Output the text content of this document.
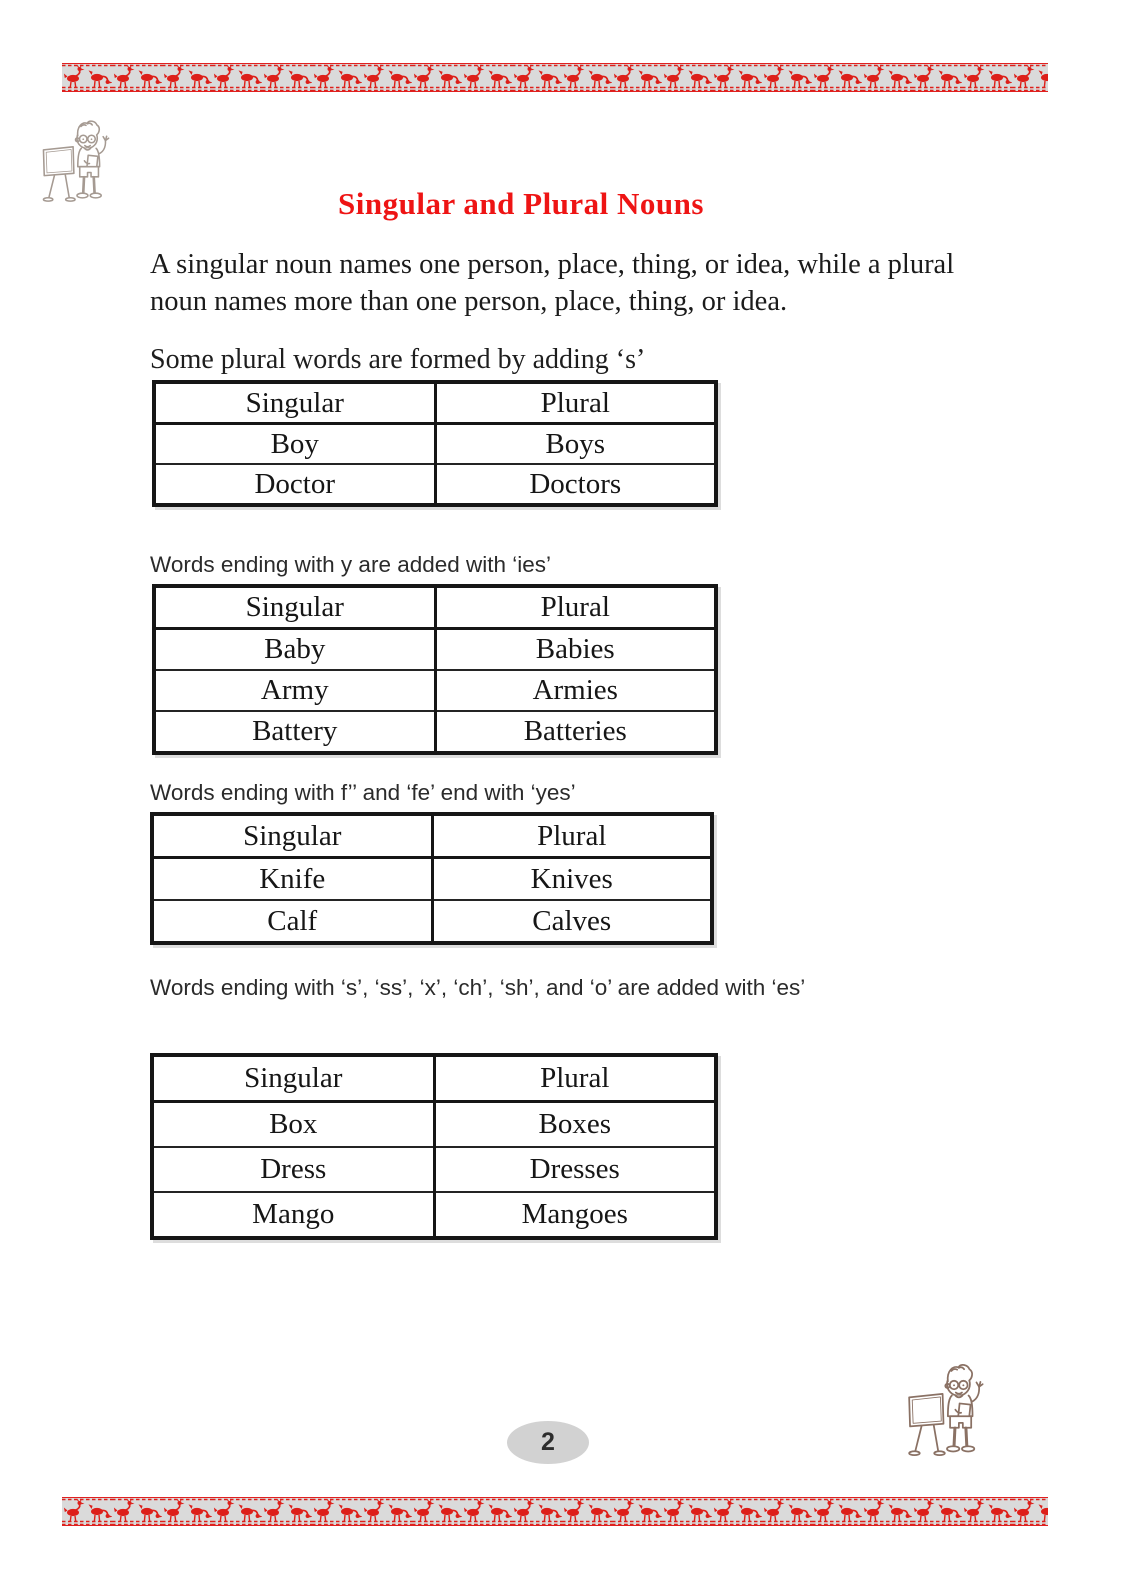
Singular and Plural Nouns
A singular noun names one person, place, thing, or idea, while a plural noun names more than one person, place, thing, or idea.
Some plural words are formed by adding ‘s’
Singular	Plural
Boy	Boys
Doctor	Doctors
Words ending with y are added with ‘ies’
Singular	Plural
Baby	Babies
Army	Armies
Battery	Batteries
Words ending with f’’ and ‘fe’ end with ‘yes’
Singular	Plural
Knife	Knives
Calf	Calves
Words ending with ‘s’, ‘ss’, ‘x’, ‘ch’, ‘sh’, and ‘o’ are added with ‘es’
Singular	Plural
Box	Boxes
Dress	Dresses
Mango	Mangoes
2
